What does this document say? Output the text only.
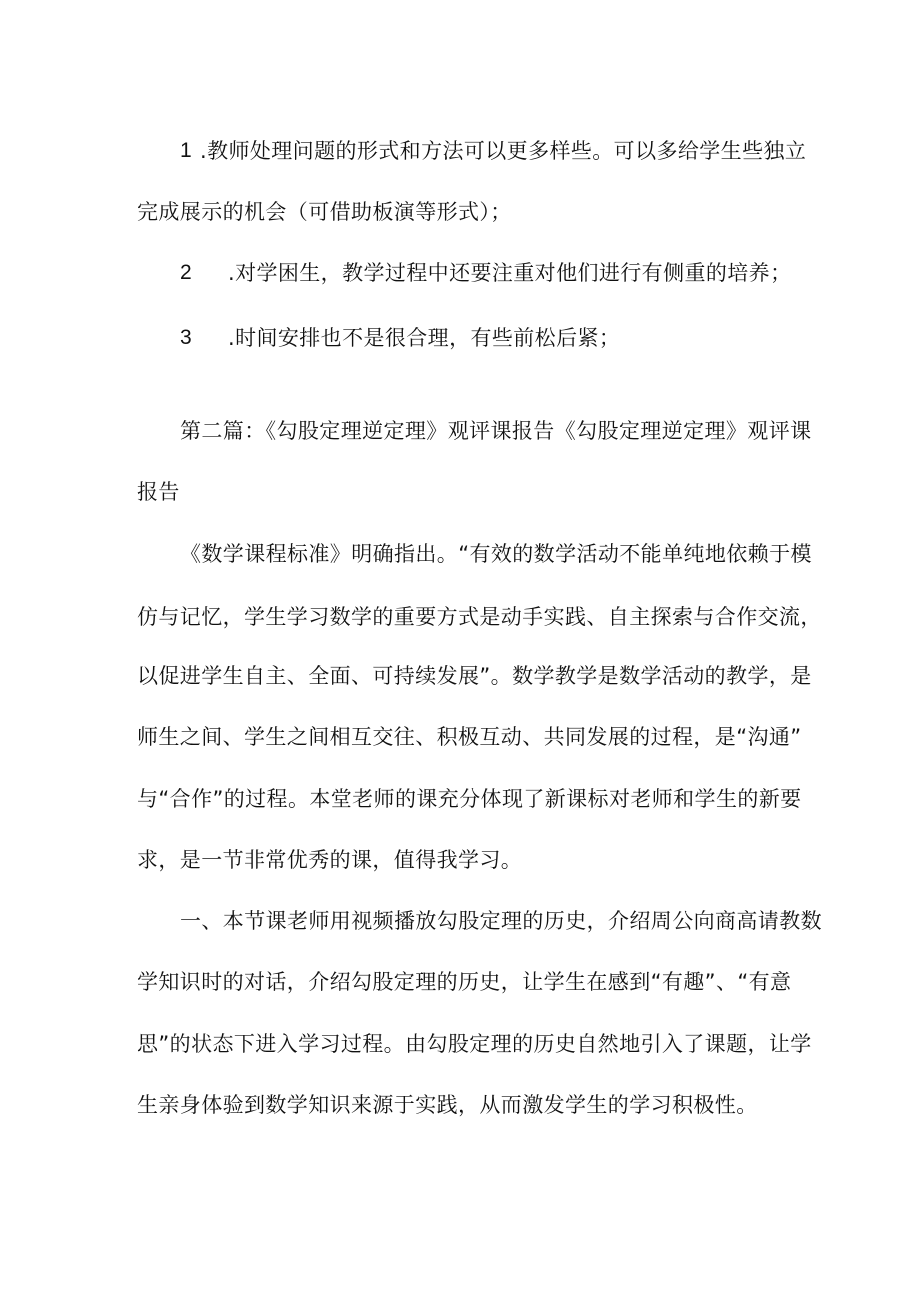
1 .教师处理问题的形式和方法可以更多样些。可以多给学生些独立
完成展示的机会（可借助板演等形式）；
2 .对学困生，教学过程中还要注重对他们进行有侧重的培养；
3 .时间安排也不是很合理，有些前松后紧；
第二篇：《勾股定理逆定理》观评课报告《勾股定理逆定理》观评课
报告
《数学课程标准》明确指出。“有效的数学活动不能单纯地依赖于模
仿与记忆，学生学习数学的重要方式是动手实践、自主探索与合作交流，
以促进学生自主、全面、可持续发展”。数学教学是数学活动的教学，是
师生之间、学生之间相互交往、积极互动、共同发展的过程，是“沟通”
与“合作”的过程。本堂老师的课充分体现了新课标对老师和学生的新要
求，是一节非常优秀的课，值得我学习。
一、本节课老师用视频播放勾股定理的历史，介绍周公向商高请教数
学知识时的对话，介绍勾股定理的历史，让学生在感到“有趣”、“有意
思”的状态下进入学习过程。由勾股定理的历史自然地引入了课题，让学
生亲身体验到数学知识来源于实践，从而激发学生的学习积极性。
